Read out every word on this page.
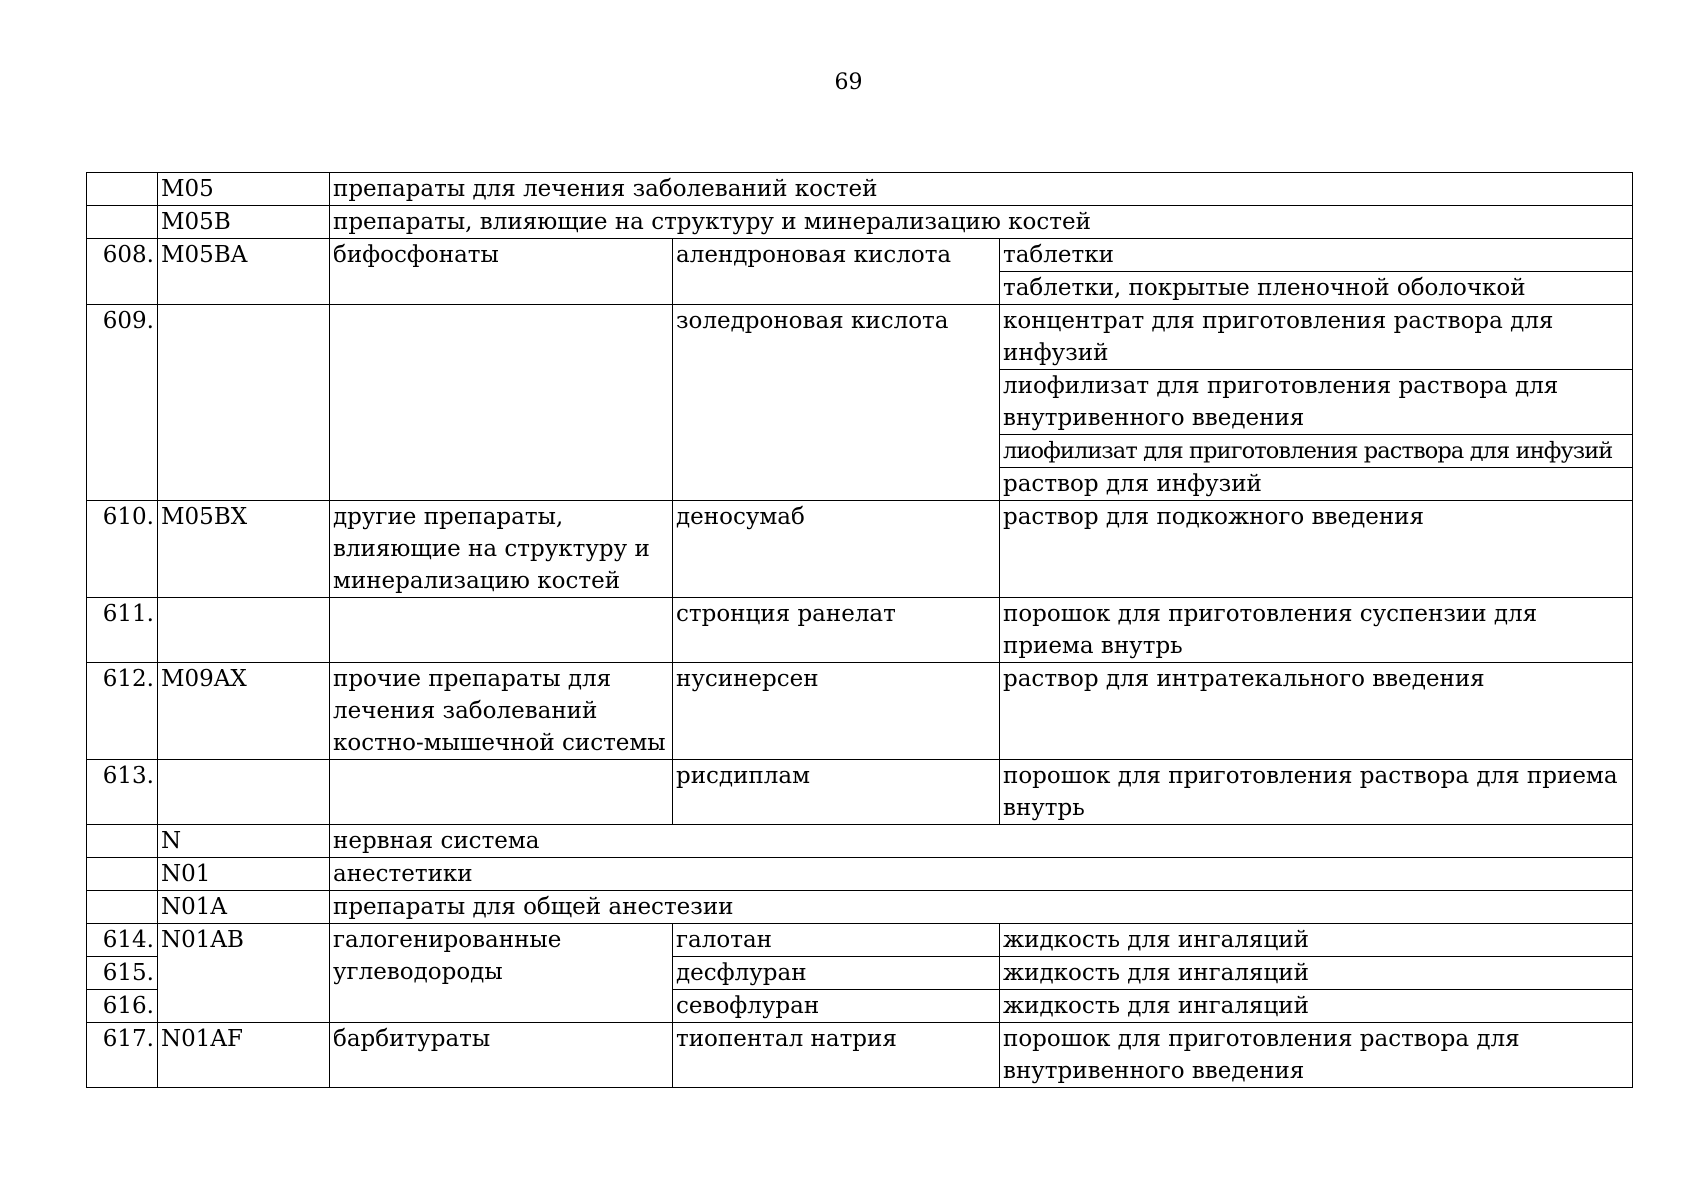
69
	M05	препараты для лечения заболеваний костей		
	M05B	препараты, влияющие на структуру и минерализацию костей		
608.	M05BA	бифосфонаты	алендроновая кислота	таблетки
				таблетки, покрытые пленочной оболочкой
609.			золедроновая кислота	концентрат для приготовления раствора для инфузий
				лиофилизат для приготовления раствора для внутривенного введения
				лиофилизат для приготовления раствора для инфузий
				раствор для инфузий
610.	M05BX	другие препараты, влияющие на структуру и минерализацию костей	деносумаб	раствор для подкожного введения
611.			стронция ранелат	порошок для приготовления суспензии для приема внутрь
612.	M09AX	прочие препараты для лечения заболеваний костно-мышечной системы	нусинерсен	раствор для интратекального введения
613.			рисдиплам	порошок для приготовления раствора для приема внутрь
	N	нервная система		
	N01	анестетики		
	N01A	препараты для общей анестезии		
614.	N01AB	галогенированные углеводороды	галотан	жидкость для ингаляций
615.			десфлуран	жидкость для ингаляций
616.			севофлуран	жидкость для ингаляций
617.	N01AF	барбитураты	тиопентал натрия	порошок для приготовления раствора для внутривенного введения
